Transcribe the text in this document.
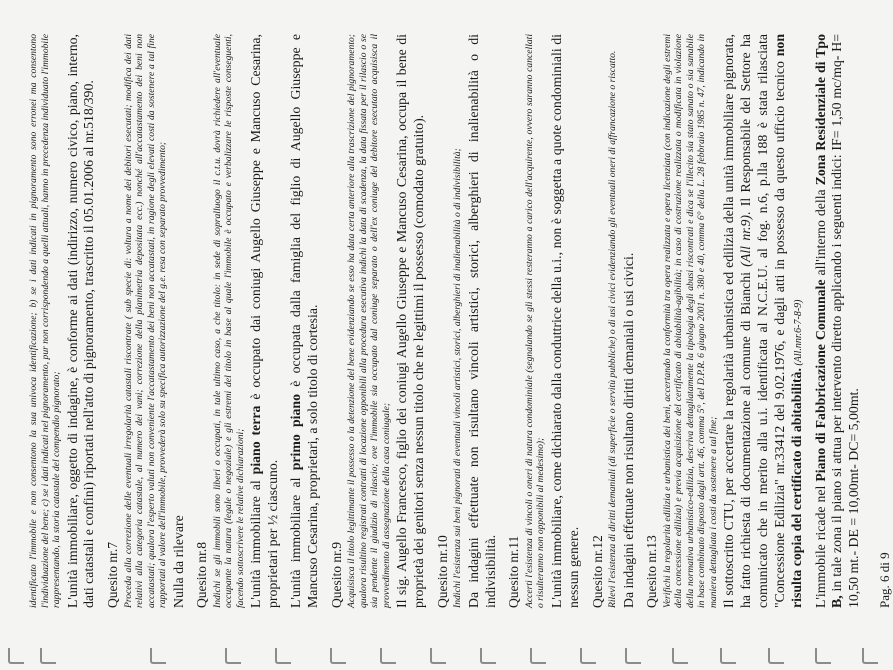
identificato l'immobile e non consentono la sua univoca identificazione; b) se i dati indicati in pignoramento sono erronei ma consentono l'individuazione del bene; c) se i dati indicati nel pignoramento, pur non corrispondendo a quelli attuali, hanno in precedenza individuato l'immobile rappresentando, la storia catastale del compendio pignorato; L'unità immobiliare, oggetto di indagine, è conforme ai dati (indirizzo, numero civico, piano, interno, dati catastali e confini) riportati nell'atto di pignoramento, trascritto il 05.01.2006 al nr.518/390. Quesito nr.7 Proceda alla correzione delle eventuali irregolarità catastali riscontrate ( sub specie di: voltura a nome dei debitori esecutati; modifica dei dati relativi alla categoria catastale, al numero dei vani; correzione della planimetria depositata ecc.) nonché all'accatastamento dei beni non accatastati; qualora l'esperto valuti non conveniente l'accatastamento dei beni non accatastati, in ragione degli elevati costi da sostenere a tal fine rapportati al valore dell'immobile, provvederà solo su specifica autorizzazione del g.e. resa con separato provvedimento; Nulla da rilevare Quesito nr.8 Indichi se gli immobili sono liberi o occupati, in tale ultimo caso, a che titolo: in sede di sopralluogo il c.t.u. dovrà richiedere all'eventuale occupante la natura (legale o negoziale) e gli estremi del titolo in base al quale l'immobile è occupato e verbalizzare le risposte conseguenti, facendo sottoscrivere le relative dichiarazioni; L'unità immobiliare al piano terra è occupato dai coniugi Augello Giuseppe e Mancuso Cesarina, proprietari per ½ ciascuno. L'unità immobiliare al primo piano è occupata dalla famiglia del figlio di Augello Giuseppe e Mancuso Cesarina, proprietari, a solo titolo di cortesia. Quesito nr.9 Acquisisca il titolo legittimante il possesso o la detenzione del bene evidenziando se esso ha data certa anteriore alla trascrizione del pignoramento; qualora risultino registrati contratti di locazione opponibili alla procedura esecutiva indichi la data di scadenza, la data fissata per il rilascio o se sia pendente il giudizio di rilascio; ove l'immobile sia occupato dal coniuge separato o dell'ex coniuge del debitore esecutato acquisisca il provvedimento di assegnazione della casa coniugale; Il sig. Augello Francesco, figlio dei coniugi Augello Giuseppe e Mancuso Cesarina, occupa il bene di proprietà dei genitori senza nessun titolo che ne legittimi il possesso (comodato gratuito). Quesito nr.10 Indichi l'esistenza sui beni pignorati di eventuali vincoli artistici, storici, alberghieri di inalienabilità o di indivisibilità; Da indagini effettuate non risultano vincoli artistici, storici, alberghieri di inalienabilità o di indivisibilità. Quesito nr.11 Accerti l'esistenza di vincoli o oneri di natura condominiale (segnalando se gli stessi resteranno a carico dell'acquirente, ovvero saranno cancellati o risulteranno non opponibili al medesimo); L'unità immobiliare, come dichiarato dalla conduttrice della u.i., non è soggetta a quote condominiali di nessun genere. Quesito nr.12 Rilevi l'esistenza di diritti demaniali (di superficie o servitù pubbliche) o di usi civici evidenziando gli eventuali oneri di affrancazione o riscatto. Da indagini effettuate non risultano diritti demaniali o usi civici. Quesito nr.13 Verifichi la regolarità edilizia e urbanistica dei beni, accertando la conformità tra opera realizzata e opera licenziata (con indicazione degli estremi della concessione edilizia) e previa acquisizione del certificato di abitabilità-agibilità; in caso di costruzione realizzata o modificata in violazione della normativa urbanistico-edilizia, descriva dettagliatamente la tipologia degli abusi riscontrati e dica se l'illecito sia stato sanato o sia sanabile in base combinato disposto dagli artt. 46, comma 5°, del D.P.R. 6 giugno 2001 n. 380 e 40, comma 6° della L. 28 febbraio 1985 n. 47, indicando in maniera dettagliata i costi da sostenere a tal fine; Il sottoscritto CTU, per accertare la regolarità urbanistica ed edilizia della unità immobiliare pignorata, ha fatto richiesta di documentazione al comune di Bianchi (All nr.9). Il Responsabile del Settore ha comunicato che in merito alla u.i. identificata al N.C.E.U. al fog. n.6, p.lla 188 è stata rilasciata "Concessione Edilizia" nr.33412 del 9.02.1976, e dagli atti in possesso da questo ufficio tecnico non risulta copia del certificato di abitabilità. (All.nnr.6-7-8-9)

L'immobile ricade nel Piano di Fabbricazione Comunale all'interno della Zona Residenziale di Tpo B, in tale zona il piano si attua per intervento diretto applicando i seguenti indici: IF= 1,50 mc/mq- H= 10,50 mt.- DE = 10,00mt- DC= 5,00mt. Pag. 6 di 9
